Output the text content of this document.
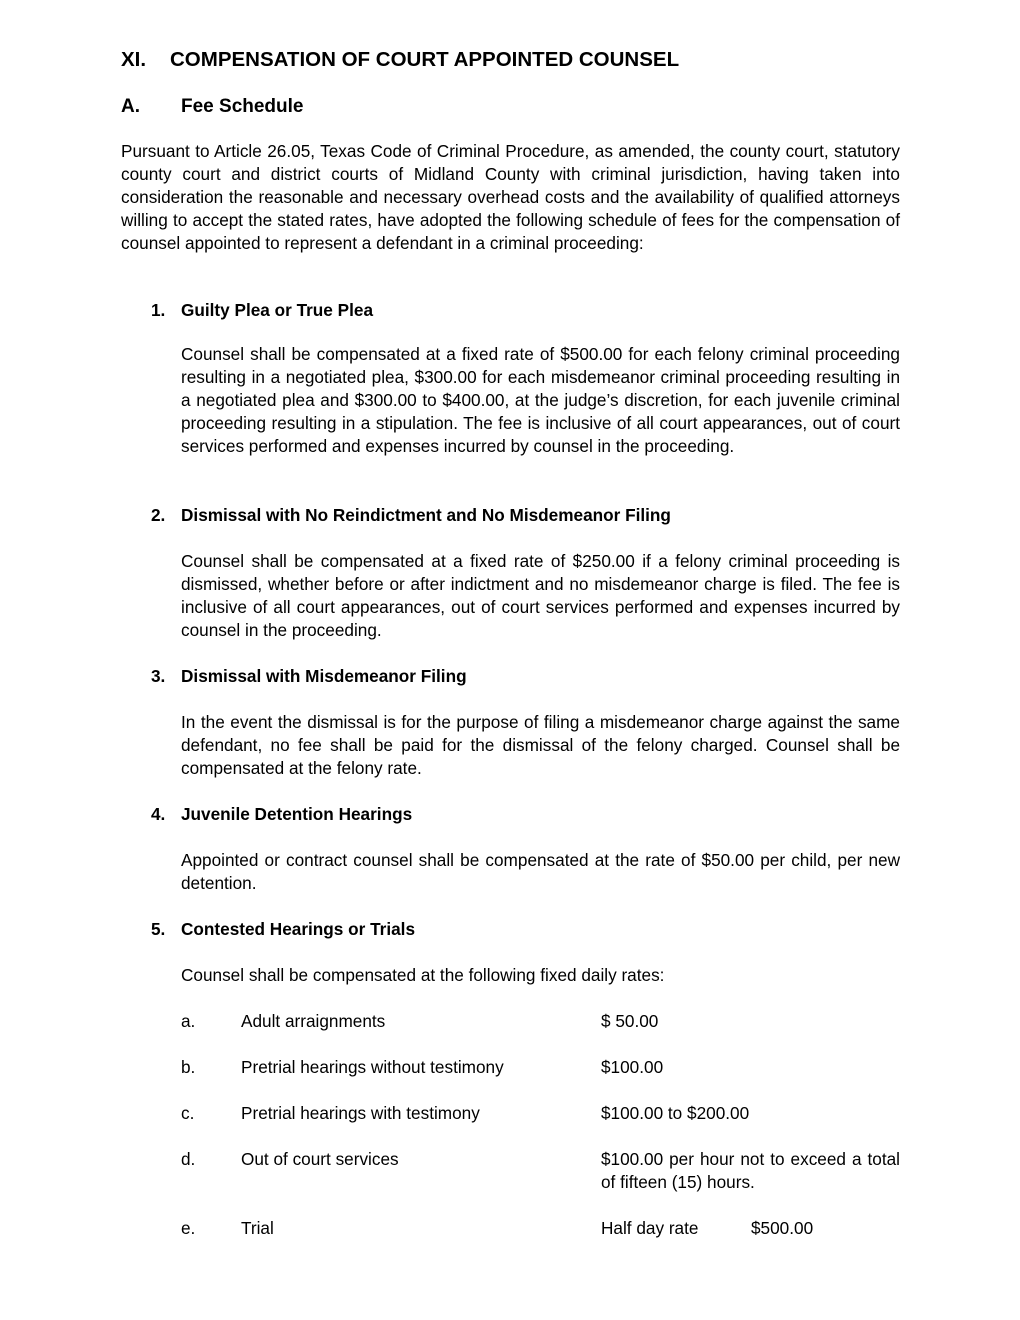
XI. COMPENSATION OF COURT APPOINTED COUNSEL
A. Fee Schedule
Pursuant to Article 26.05, Texas Code of Criminal Procedure, as amended, the county court, statutory county court and district courts of Midland County with criminal jurisdiction, having taken into consideration the reasonable and necessary overhead costs and the availability of qualified attorneys willing to accept the stated rates, have adopted the following schedule of fees for the compensation of counsel appointed to represent a defendant in a criminal proceeding:
1. Guilty Plea or True Plea
Counsel shall be compensated at a fixed rate of $500.00 for each felony criminal proceeding resulting in a negotiated plea, $300.00 for each misdemeanor criminal proceeding resulting in a negotiated plea and $300.00 to $400.00, at the judge’s discretion, for each juvenile criminal proceeding resulting in a stipulation. The fee is inclusive of all court appearances, out of court services performed and expenses incurred by counsel in the proceeding.
2. Dismissal with No Reindictment and No Misdemeanor Filing
Counsel shall be compensated at a fixed rate of $250.00 if a felony criminal proceeding is dismissed, whether before or after indictment and no misdemeanor charge is filed. The fee is inclusive of all court appearances, out of court services performed and expenses incurred by counsel in the proceeding.
3. Dismissal with Misdemeanor Filing
In the event the dismissal is for the purpose of filing a misdemeanor charge against the same defendant, no fee shall be paid for the dismissal of the felony charged. Counsel shall be compensated at the felony rate.
4. Juvenile Detention Hearings
Appointed or contract counsel shall be compensated at the rate of $50.00 per child, per new detention.
5. Contested Hearings or Trials
Counsel shall be compensated at the following fixed daily rates:
a.	Adult arraignments	$ 50.00
b.	Pretrial hearings without testimony	$100.00
c.	Pretrial hearings with testimony	$100.00 to $200.00
d.	Out of court services	$100.00 per hour not to exceed a total of fifteen (15) hours.
e.	Trial	Half day rate	$500.00
